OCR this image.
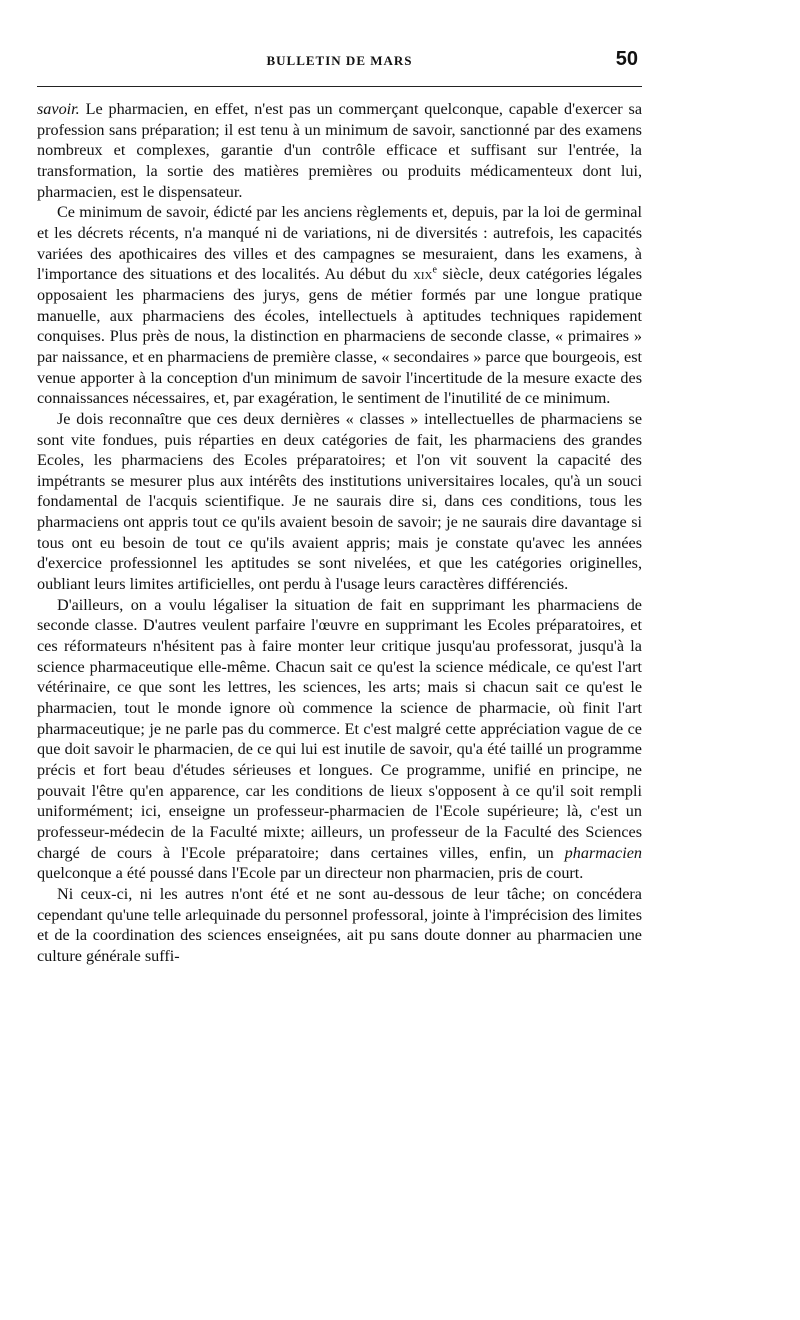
BULLETIN DE MARS	50

savoir. Le pharmacien, en effet, n'est pas un commerçant quelconque, capable d'exercer sa profession sans préparation; il est tenu à un minimum de savoir, sanctionné par des examens nombreux et complexes, garantie d'un contrôle efficace et suffisant sur l'entrée, la transformation, la sortie des matières premières ou produits médicamenteux dont lui, pharmacien, est le dispensateur.

Ce minimum de savoir, édicté par les anciens règlements et, depuis, par la loi de germinal et les décrets récents, n'a manqué ni de variations, ni de diversités : autrefois, les capacités variées des apothicaires des villes et des campagnes se mesuraient, dans les examens, à l'importance des situations et des localités. Au début du xix$^e$ siècle, deux catégories légales opposaient les pharmaciens des jurys, gens de métier formés par une longue pratique manuelle, aux pharmaciens des écoles, intellectuels à aptitudes techniques rapidement conquises. Plus près de nous, la distinction en pharmaciens de seconde classe, « primaires » par naissance, et en pharmaciens de première classe, « secondaires » parce que bourgeois, est venue apporter à la conception d'un minimum de savoir l'incertitude de la mesure exacte des connaissances nécessaires, et, par exagération, le sentiment de l'inutilité de ce minimum.

Je dois reconnaître que ces deux dernières « classes » intellectuelles de pharmaciens se sont vite fondues, puis réparties en deux catégories de fait, les pharmaciens des grandes Ecoles, les pharmaciens des Ecoles préparatoires; et l'on vit souvent la capacité des impétrants se mesurer plus aux intérêts des institutions universitaires locales, qu'à un souci fondamental de l'acquis scientifique. Je ne saurais dire si, dans ces conditions, tous les pharmaciens ont appris tout ce qu'ils avaient besoin de savoir; je ne saurais dire davantage si tous ont eu besoin de tout ce qu'ils avaient appris; mais je constate qu'avec les années d'exercice professionnel les aptitudes se sont nivelées, et que les catégories originelles, oubliant leurs limites artificielles, ont perdu à l'usage leurs caractères différenciés.

D'ailleurs, on a voulu légaliser la situation de fait en supprimant les pharmaciens de seconde classe. D'autres veulent parfaire l'œuvre en supprimant les Ecoles préparatoires, et ces réformateurs n'hésitent pas à faire monter leur critique jusqu'au professorat, jusqu'à la science pharmaceutique elle-même. Chacun sait ce qu'est la science médicale, ce qu'est l'art vétérinaire, ce que sont les lettres, les sciences, les arts; mais si chacun sait ce qu'est le pharmacien, tout le monde ignore où commence la science de pharmacie, où finit l'art pharmaceutique; je ne parle pas du commerce. Et c'est malgré cette appréciation vague de ce que doit savoir le pharmacien, de ce qui lui est inutile de savoir, qu'a été taillé un programme précis et fort beau d'études sérieuses et longues. Ce programme, unifié en principe, ne pouvait l'être qu'en apparence, car les conditions de lieux s'opposent à ce qu'il soit rempli uniformément; ici, enseigne un professeur-pharmacien de l'Ecole supérieure; là, c'est un professeur-médecin de la Faculté mixte; ailleurs, un professeur de la Faculté des Sciences chargé de cours à l'Ecole préparatoire; dans certaines villes, enfin, un pharmacien quelconque a été poussé dans l'Ecole par un directeur non pharmacien, pris de court.

Ni ceux-ci, ni les autres n'ont été et ne sont au-dessous de leur tâche; on concédera cependant qu'une telle arlequinade du personnel professoral, jointe à l'imprécision des limites et de la coordination des sciences enseignées, ait pu sans doute donner au pharmacien une culture générale suffi-
